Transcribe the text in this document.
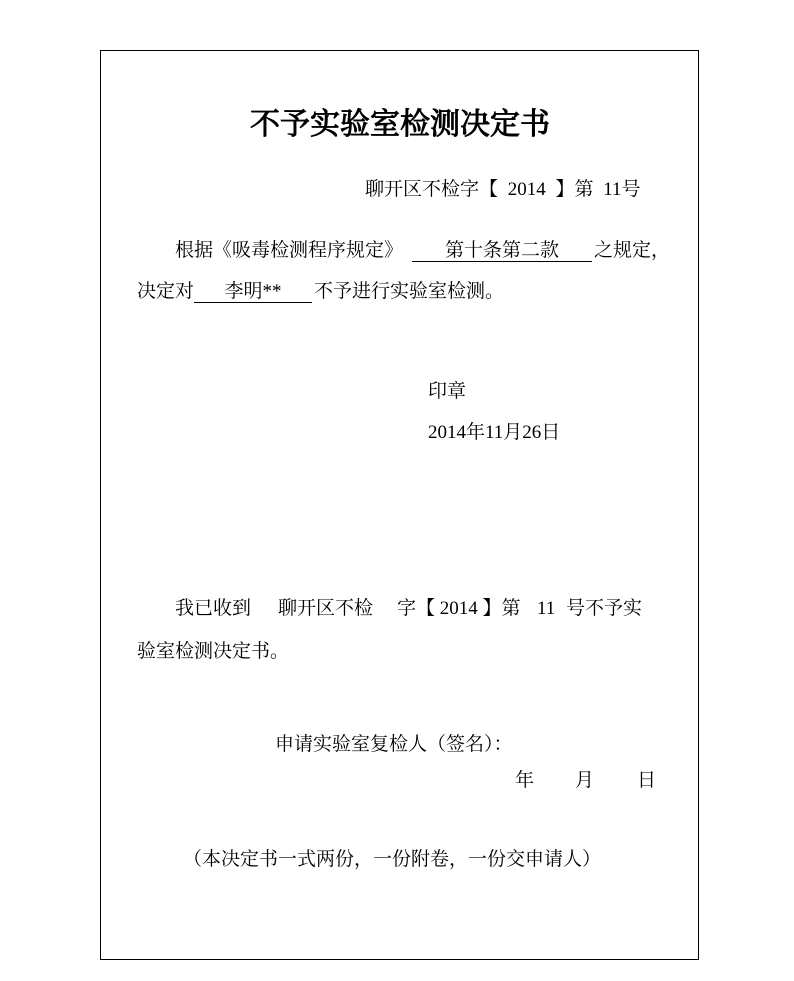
不予实验室检测决定书
聊开区不检字【 2014 】第 11号
根据《吸毒检测程序规定》	第十条第二款	之规定，
决定对	李明**	不予进行实验室检测。
印章
2014年11月26日
我已收到 聊开区不检 字【 2014 】第 11 号不予实
验室检测决定书。
申请实验室复检人（签名）：
年 月 日
（本决定书一式两份，一份附卷，一份交申请人）
